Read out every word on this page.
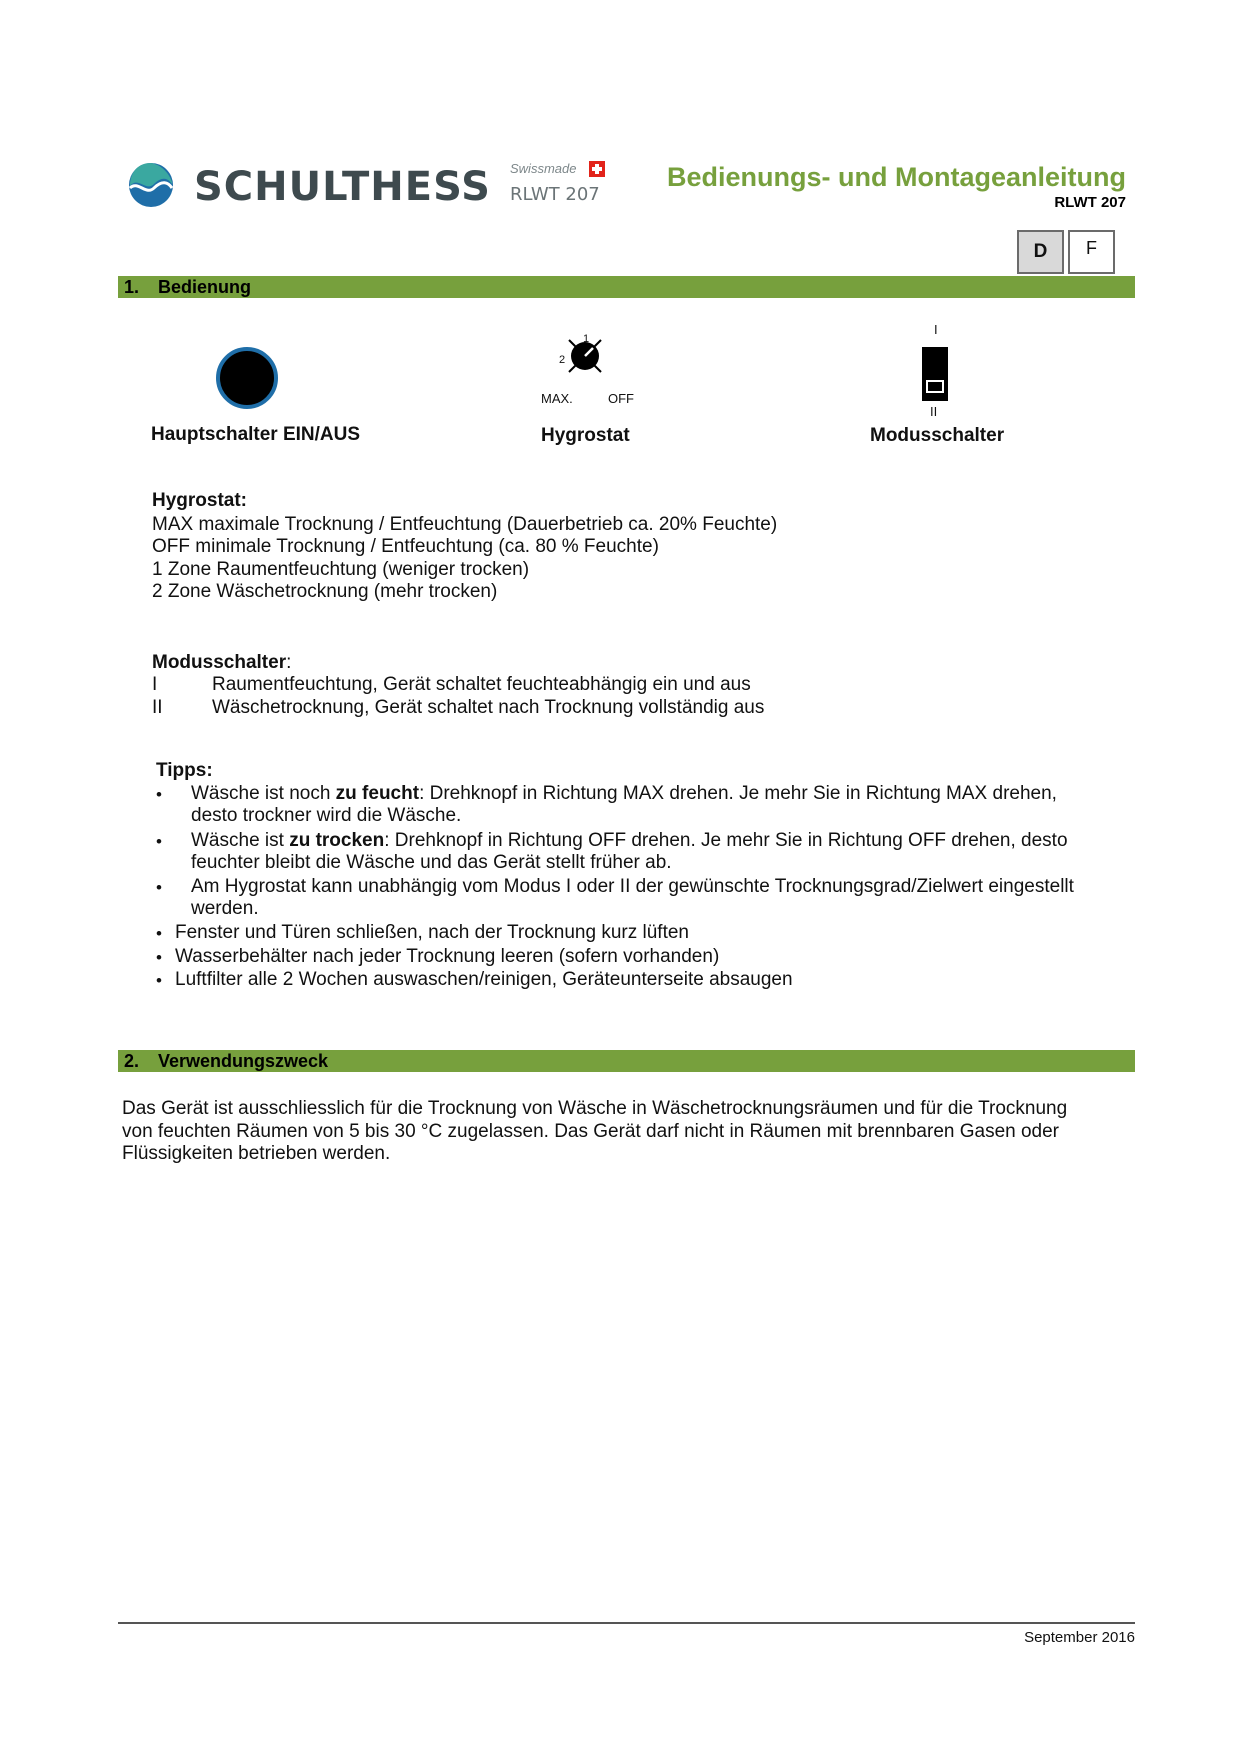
SCHULTHESS Swissmade
RLWT 207
Bedienungs- und Montageanleitung
RLWT 207
D	F
1. Bedienung
Hauptschalter EIN/AUS
1
2
MAX.	OFF
Hygrostat
I
II
Modusschalter
Hygrostat:
MAX maximale Trocknung / Entfeuchtung (Dauerbetrieb ca. 20% Feuchte)
OFF minimale Trocknung / Entfeuchtung (ca. 80 % Feuchte)
1 Zone Raumentfeuchtung (weniger trocken)
2 Zone Wäschetrocknung (mehr trocken)
Modusschalter:
I	Raumentfeuchtung, Gerät schaltet feuchteabhängig ein und aus
II	Wäschetrocknung, Gerät schaltet nach Trocknung vollständig aus
Tipps:
• Wäsche ist noch zu feucht: Drehknopf in Richtung MAX drehen. Je mehr Sie in Richtung MAX drehen,
desto trockner wird die Wäsche.
• Wäsche ist zu trocken: Drehknopf in Richtung OFF drehen. Je mehr Sie in Richtung OFF drehen, desto
feuchter bleibt die Wäsche und das Gerät stellt früher ab.
• Am Hygrostat kann unabhängig vom Modus I oder II der gewünschte Trocknungsgrad/Zielwert eingestellt
werden.
• Fenster und Türen schließen, nach der Trocknung kurz lüften
• Wasserbehälter nach jeder Trocknung leeren (sofern vorhanden)
• Luftfilter alle 2 Wochen auswaschen/reinigen, Geräteunterseite absaugen
2. Verwendungszweck
Das Gerät ist ausschliesslich für die Trocknung von Wäsche in Wäschetrocknungsräumen und für die Trocknung
von feuchten Räumen von 5 bis 30 °C zugelassen. Das Gerät darf nicht in Räumen mit brennbaren Gasen oder
Flüssigkeiten betrieben werden.
September 2016
